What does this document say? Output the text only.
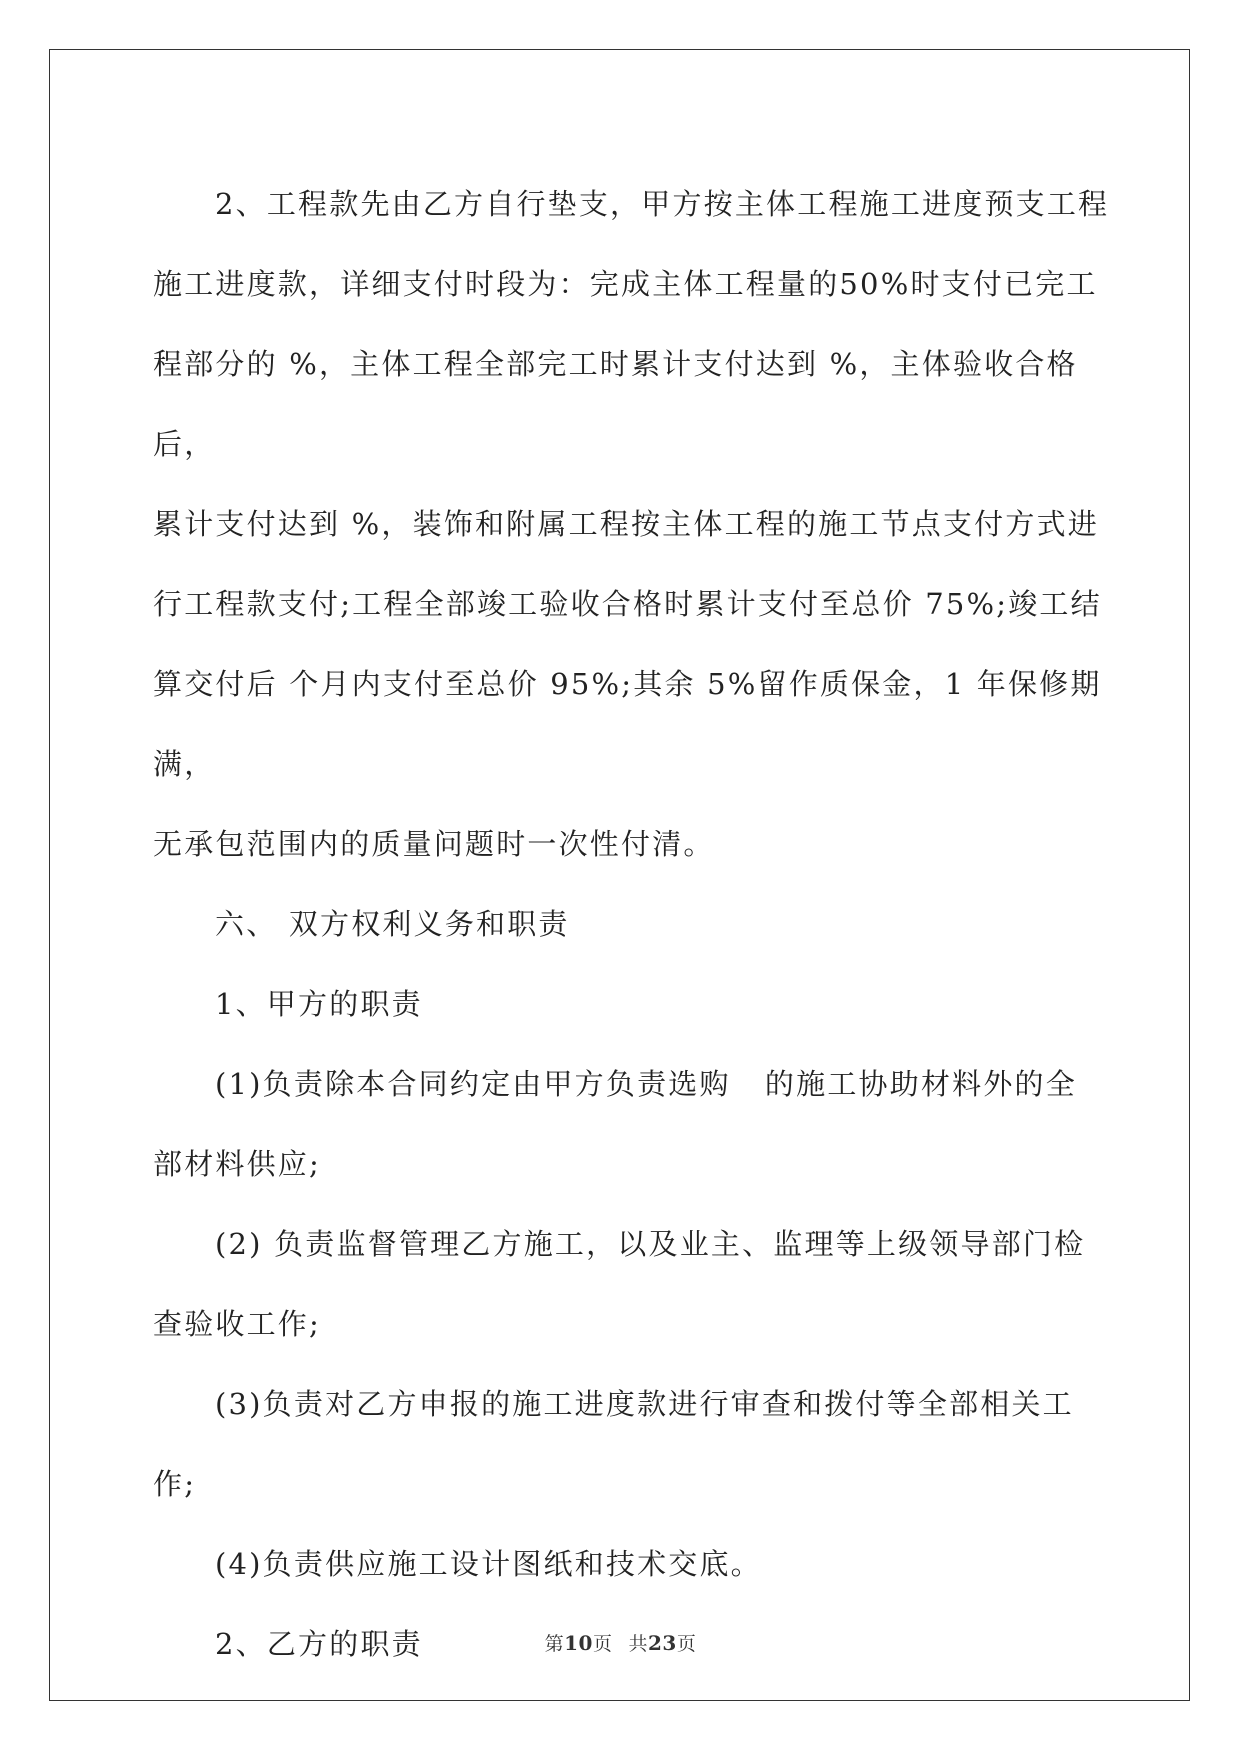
2、工程款先由乙方自行垫支，甲方按主体工程施工进度预支工程
施工进度款，详细支付时段为：完成主体工程量的50%时支付已完工
程部分的 %，主体工程全部完工时累计支付达到 %，主体验收合格后，
累计支付达到 %，装饰和附属工程按主体工程的施工节点支付方式进
行工程款支付;工程全部竣工验收合格时累计支付至总价 75%;竣工结
算交付后 个月内支付至总价 95%;其余 5%留作质保金，1 年保修期满，
无承包范围内的质量问题时一次性付清。
六、 双方权利义务和职责
1、甲方的职责
(1)负责除本合同约定由甲方负责选购   的施工协助材料外的全
部材料供应;
(2) 负责监督管理乙方施工，以及业主、监理等上级领导部门检
查验收工作;
(3)负责对乙方申报的施工进度款进行审查和拨付等全部相关工
作;
(4)负责供应施工设计图纸和技术交底。
2、乙方的职责	第10页 共23页
